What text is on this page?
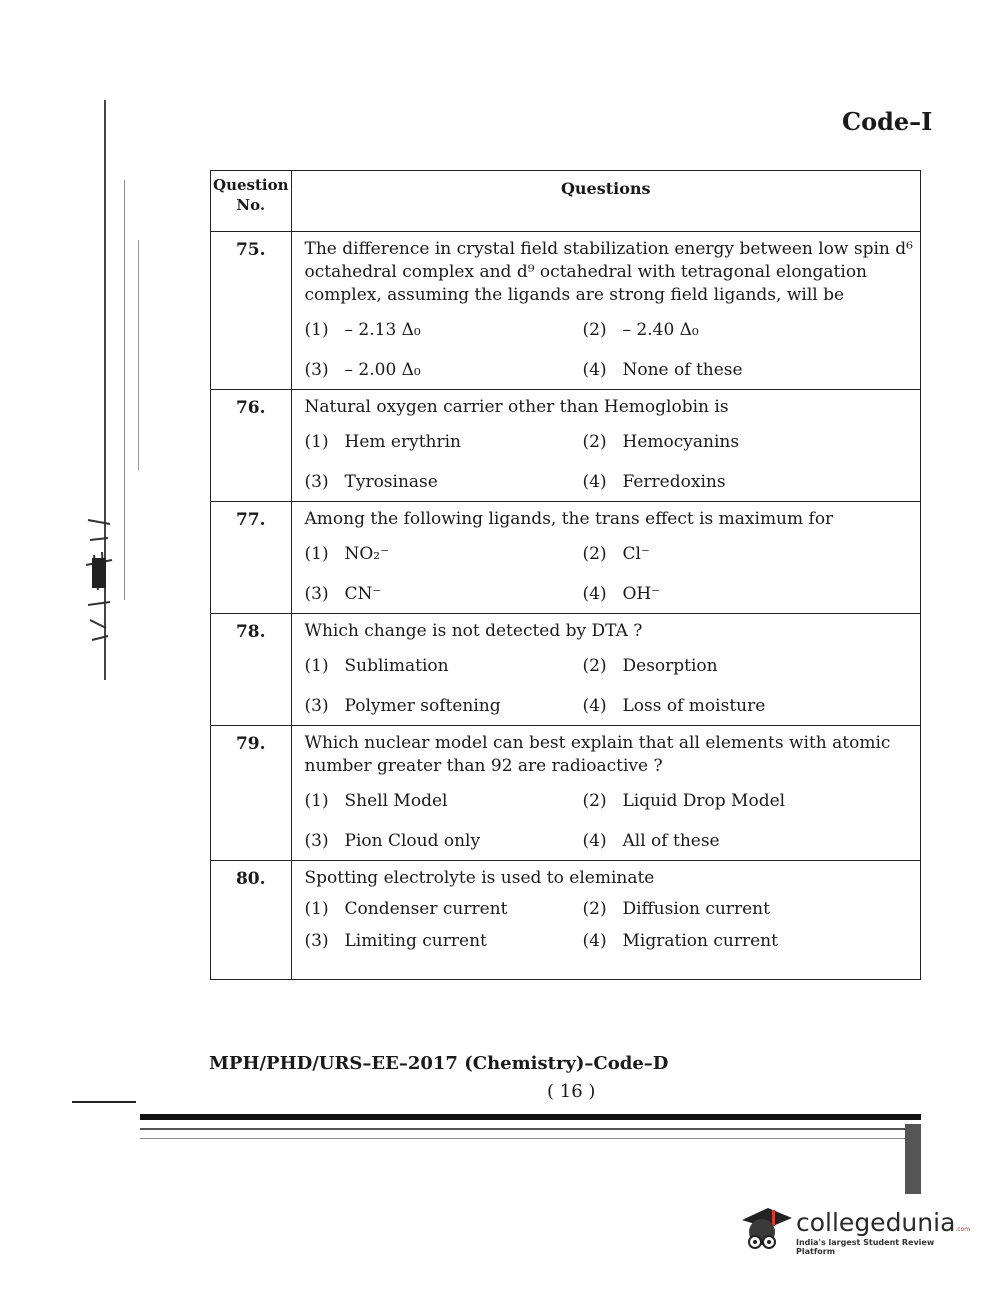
Code–I
Question No.	Questions
75.	The difference in crystal field stabilization energy between low spin d⁶ octahedral complex and d⁹ octahedral with tetragonal elongation complex, assuming the ligands are strong field ligands, will be
(1) – 2.13 Δ₀ (2) – 2.40 Δ₀
(3) – 2.00 Δ₀ (4) None of these

76.	Natural oxygen carrier other than Hemoglobin is
(1) Hem erythrin (2) Hemocyanins
(3) Tyrosinase (4) Ferredoxins

77.	Among the following ligands, the trans effect is maximum for
(1) NO₂⁻ (2) Cl⁻
(3) CN⁻ (4) OH⁻

78.	Which change is not detected by DTA ?
(1) Sublimation (2) Desorption
(3) Polymer softening (4) Loss of moisture

79.	Which nuclear model can best explain that all elements with atomic number greater than 92 are radioactive ?
(1) Shell Model (2) Liquid Drop Model
(3) Pion Cloud only (4) All of these

80.	Spotting electrolyte is used to eleminate
(1) Condenser current (2) Diffusion current
(3) Limiting current (4) Migration current
MPH/PHD/URS–EE–2017 (Chemistry)–Code–D
( 16 )
collegedunia.com
India's largest Student Review Platform
